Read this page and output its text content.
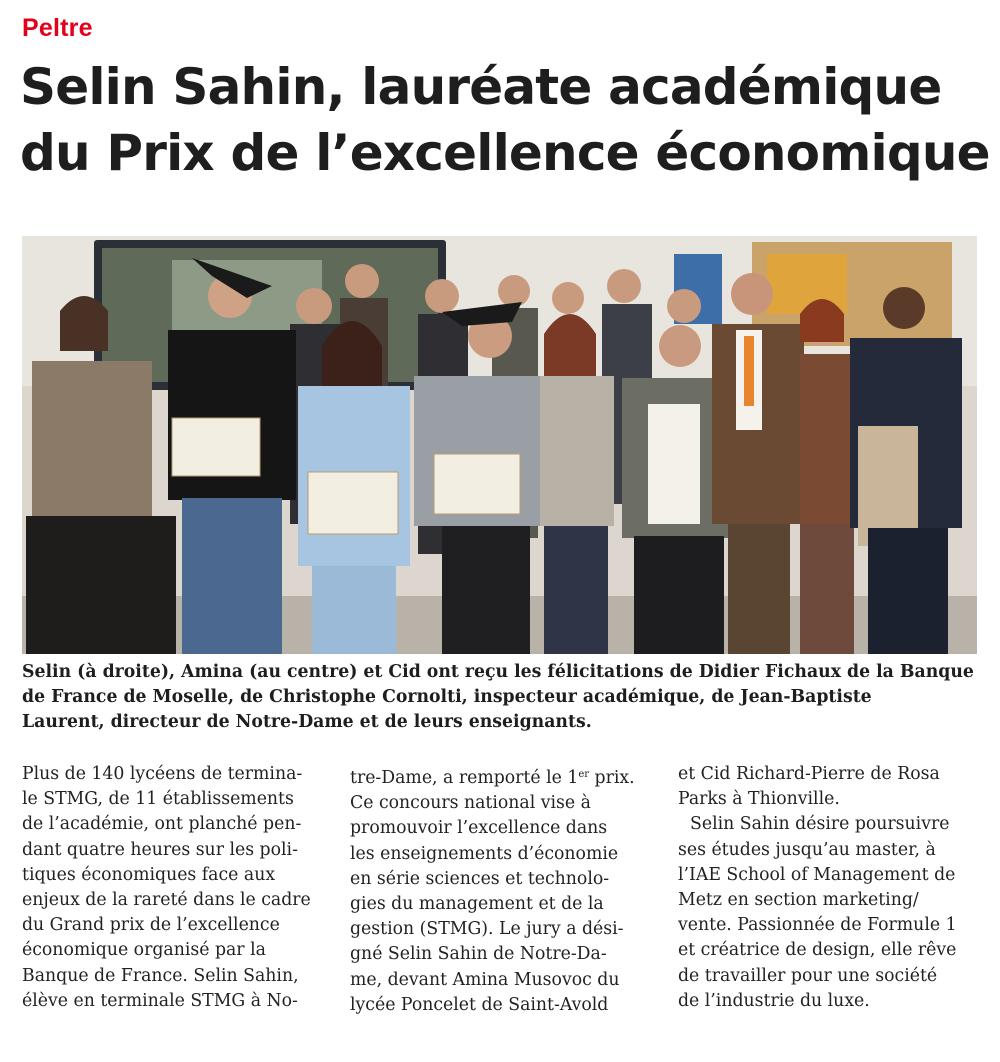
Peltre
Selin Sahin, lauréate académique
du Prix de l’excellence économique
Selin (à droite), Amina (au centre) et Cid ont reçu les félicitations de Didier Fichaux de la Banque
de France de Moselle, de Christophe Cornolti, inspecteur académique, de Jean-Baptiste
Laurent, directeur de Notre-Dame et de leurs enseignants.
Plus de 140 lycéens de termina-
le STMG, de 11 établissements
de l’académie, ont planché pen-
dant quatre heures sur les poli-
tiques économiques face aux
enjeux de la rareté dans le cadre
du Grand prix de l’excellence
économique organisé par la
Banque de France. Selin Sahin,
élève en terminale STMG à No-
tre-Dame, a remporté le 1er prix.
Ce concours national vise à
promouvoir l’excellence dans
les enseignements d’économie
en série sciences et technolo-
gies du management et de la
gestion (STMG). Le jury a dési-
gné Selin Sahin de Notre-Da-
me, devant Amina Musovoc du
lycée Poncelet de Saint-Avold
et Cid Richard-Pierre de Rosa
Parks à Thionville.
Selin Sahin désire poursuivre
ses études jusqu’au master, à
l’IAE School of Management de
Metz en section marketing/
vente. Passionnée de Formule 1
et créatrice de design, elle rêve
de travailler pour une société
de l’industrie du luxe.
